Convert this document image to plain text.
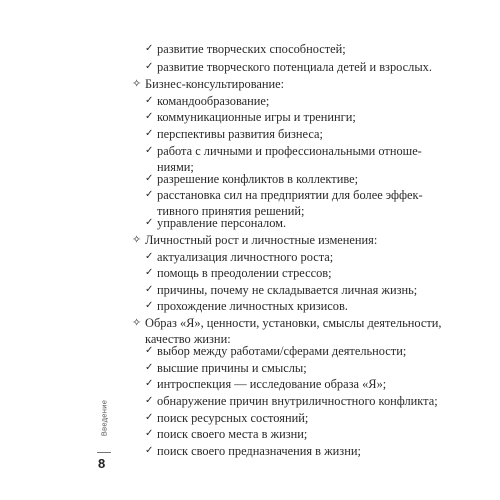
✓ развитие творческих способностей;
✓ развитие творческого потенциала детей и взрослых.
✧ Бизнес-консультирование:
✓ командообразование;
✓ коммуникационные игры и тренинги;
✓ перспективы развития бизнеса;
✓ работа с личными и профессиональными отноше-
ниями;
✓ разрешение конфликтов в коллективе;
✓ расстановка сил на предприятии для более эффек-
тивного принятия решений;
✓ управление персоналом.
✧ Личностный рост и личностные изменения:
✓ актуализация личностного роста;
✓ помощь в преодолении стрессов;
✓ причины, почему не складывается личная жизнь;
✓ прохождение личностных кризисов.
✧ Образ «Я», ценности, установки, смыслы деятельности,
качество жизни:
✓ выбор между работами/сферами деятельности;
✓ высшие причины и смыслы;
✓ интроспекция — исследование образа «Я»;
✓ обнаружение причин внутриличностного конфликта;
✓ поиск ресурсных состояний;
✓ поиск своего места в жизни;
✓ поиск своего предназначения в жизни;
Введение
8
